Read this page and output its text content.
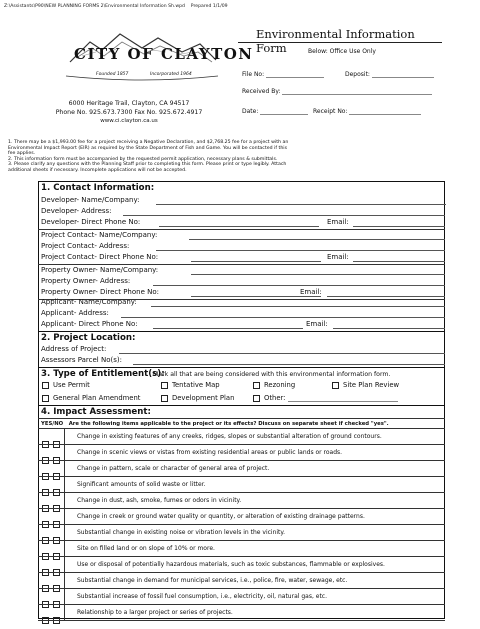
Z:\Assistants\P90\NEW PLANNING FORMS 2\Environmental Information Sh.wpd Prepared 1/1/09
CITY OF CLAYTON
Founded 1857	Incorporated 1964
6000 Heritage Trail, Clayton, CA 94517
Phone No. 925.673.7300 Fax No. 925.672.4917
www.ci.clayton.ca.us
Environmental Information Form	Below: Office Use Only
File No:	Deposit:
Received By:
Date:	Receipt No:
1. There may be a $1,993.00 fee for a project receiving a Negative Declaration, and $2,768.25 fee for a project with an
Environmental Impact Report (EIR) as required by the State Department of Fish and Game. You will be contacted if this
fee applies.
2. This information form must be accompanied by the requested permit application, necessary plans & submittals.
3. Please clarify any questions with the Planning Staff prior to completing this form. Please print or type legibly. Attach
additional sheets if necessary. Incomplete applications will not be accepted.
1. Contact Information:
Developer- Name/Company:
Developer- Address:
Developer- Direct Phone No:	Email:
Project Contact- Name/Company:
Project Contact- Address:
Project Contact- Direct Phone No:	Email:
Property Owner- Name/Company:
Property Owner- Address:
Property Owner- Direct Phone No:	Email:
Applicant- Name/Company:
Applicant- Address:
Applicant- Direct Phone No:	Email:
2. Project Location:
Address of Project:
Assessors Parcel No(s):
3. Type of Entitlement(s):
Mark all that are being considered with this environmental information form.
Use Permit	Tentative Map	Rezoning	Site Plan Review
General Plan Amendment	Development Plan	Other:
4. Impact Assessment:
YES/NO Are the following items applicable to the project or its effects? Discuss on separate sheet if checked "yes".
Change in existing features of any creeks, ridges, slopes or substantial alteration of ground contours.
Change in scenic views or vistas from existing residential areas or public lands or roads.
Change in pattern, scale or character of general area of project.
Significant amounts of solid waste or litter.
Change in dust, ash, smoke, fumes or odors in vicinity.
Change in creek or ground water quality or quantity, or alteration of existing drainage patterns.
Substantial change in existing noise or vibration levels in the vicinity.
Site on filled land or on slope of 10% or more.
Use or disposal of potentially hazardous materials, such as toxic substances, flammable or explosives.
Substantial change in demand for municipal services, i.e., police, fire, water, sewage, etc.
Substantial increase of fossil fuel consumption, i.e., electricity, oil, natural gas, etc.
Relationship to a larger project or series of projects.
